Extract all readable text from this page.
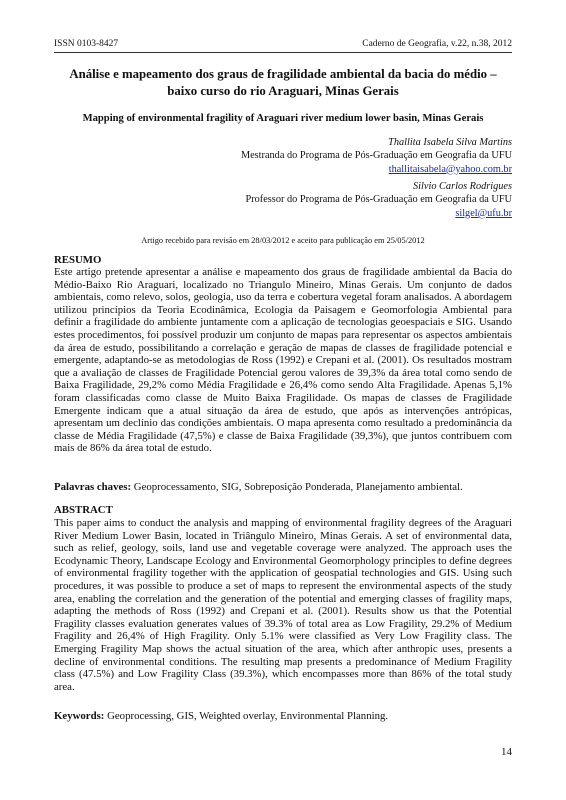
ISSN 0103-8427	Caderno de Geografia, v.22, n.38, 2012
Análise e mapeamento dos graus de fragilidade ambiental da bacia do médio – baixo curso do rio Araguari, Minas Gerais
Mapping of environmental fragility of Araguari river medium lower basin, Minas Gerais
Thallita Isabela Silva Martins
Mestranda do Programa de Pós-Graduação em Geografia da UFU
thallitaisabela@yahoo.com.br
Silvio Carlos Rodrigues
Professor do Programa de Pós-Graduação em Geografia da UFU
silgel@ufu.br
Artigo recebido para revisão em 28/03/2012 e aceito para publicação em 25/05/2012
RESUMO
Este artigo pretende apresentar a análise e mapeamento dos graus de fragilidade ambiental da Bacia do Médio-Baixo Rio Araguari, localizado no Triangulo Mineiro, Minas Gerais. Um conjunto de dados ambientais, como relevo, solos, geologia, uso da terra e cobertura vegetal foram analisados. A abordagem utilizou princípios da Teoria Ecodinâmica, Ecologia da Paisagem e Geomorfologia Ambiental para definir a fragilidade do ambiente juntamente com a aplicação de tecnologias geoespaciais e SIG. Usando estes procedimentos, foi possível produzir um conjunto de mapas para representar os aspectos ambientais da área de estudo, possibilitando a correlação e geração de mapas de classes de fragilidade potencial e emergente, adaptando-se as metodologias de Ross (1992) e Crepani et al. (2001). Os resultados mostram que a avaliação de classes de Fragilidade Potencial gerou valores de 39,3% da área total como sendo de Baixa Fragilidade, 29,2% como Média Fragilidade e 26,4% como sendo Alta Fragilidade. Apenas 5,1% foram classificadas como classe de Muito Baixa Fragilidade. Os mapas de classes de Fragilidade Emergente indicam que a atual situação da área de estudo, que após as intervenções antrópicas, apresentam um declínio das condições ambientais. O mapa apresenta como resultado a predominância da classe de Média Fragilidade (47,5%) e classe de Baixa Fragilidade (39,3%), que juntos contribuem com mais de 86% da área total de estudo.
Palavras chaves: Geoprocessamento, SIG, Sobreposição Ponderada, Planejamento ambiental.
ABSTRACT
This paper aims to conduct the analysis and mapping of environmental fragility degrees of the Araguari River Medium Lower Basin, located in Triângulo Mineiro, Minas Gerais. A set of environmental data, such as relief, geology, soils, land use and vegetable coverage were analyzed. The approach uses the Ecodynamic Theory, Landscape Ecology and Environmental Geomorphology principles to define degrees of environmental fragility together with the application of geospatial technologies and GIS. Using such procedures, it was possible to produce a set of maps to represent the environmental aspects of the study area, enabling the correlation and the generation of the potential and emerging classes of fragility maps, adapting the methods of Ross (1992) and Crepani et al. (2001). Results show us that the Potential Fragility classes evaluation generates values of 39.3% of total area as Low Fragility, 29.2% of Medium Fragility and 26,4% of High Fragility. Only 5.1% were classified as Very Low Fragility class. The Emerging Fragility Map shows the actual situation of the area, which after anthropic uses, presents a decline of environmental conditions. The resulting map presents a predominance of Medium Fragility class (47.5%) and Low Fragility Class (39.3%), which encompasses more than 86% of the total study area.
Keywords: Geoprocessing, GIS, Weighted overlay, Environmental Planning.
14
